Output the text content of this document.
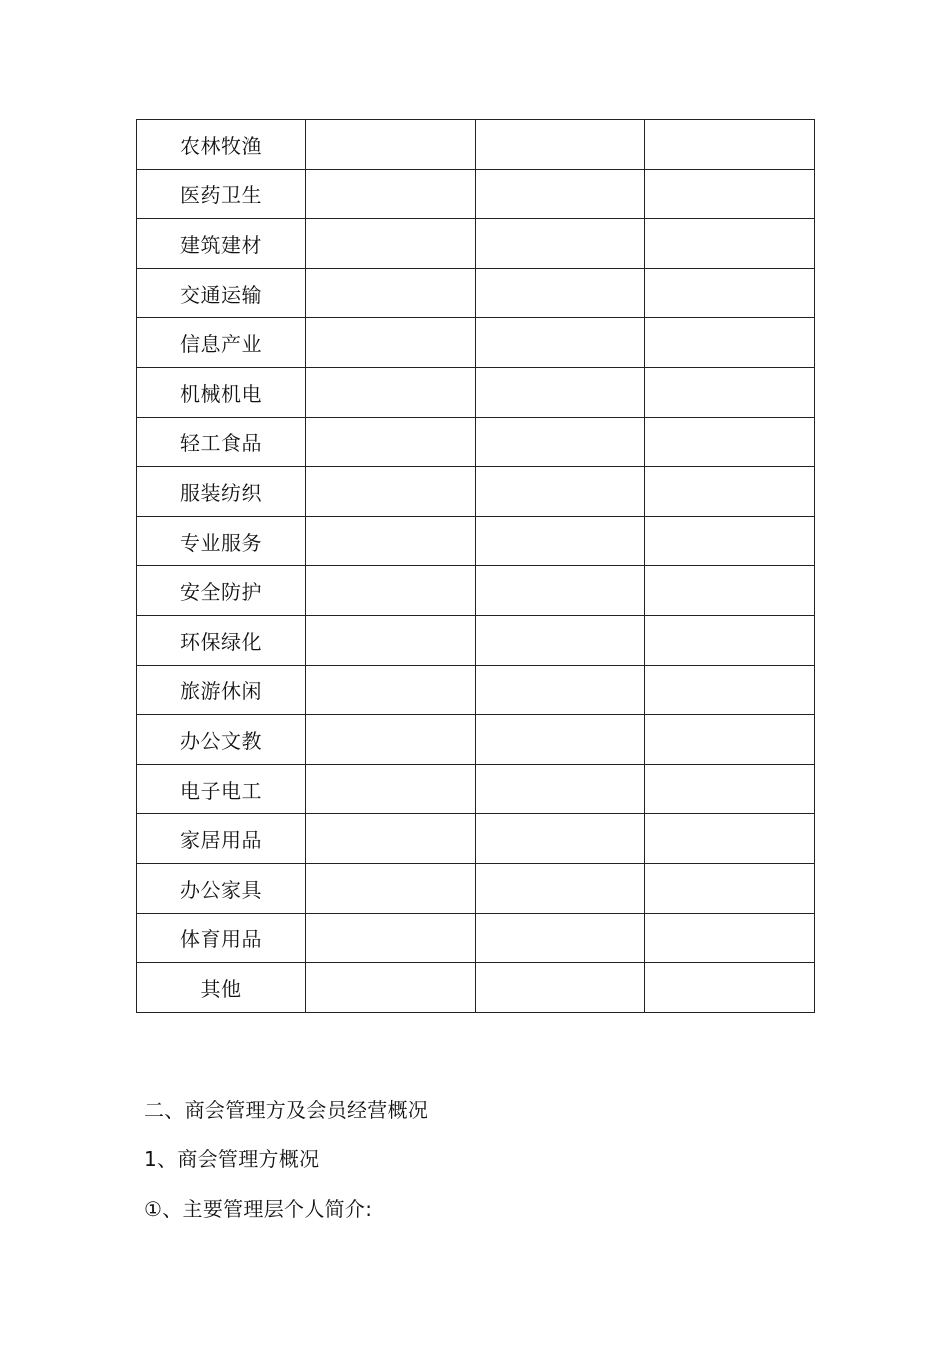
农林牧渔			
医药卫生			
建筑建材			
交通运输			
信息产业			
机械机电			
轻工食品			
服装纺织			
专业服务			
安全防护			
环保绿化			
旅游休闲			
办公文教			
电子电工			
家居用品			
办公家具			
体育用品			
其他			
二、商会管理方及会员经营概况
1、商会管理方概况
①、主要管理层个人简介:
